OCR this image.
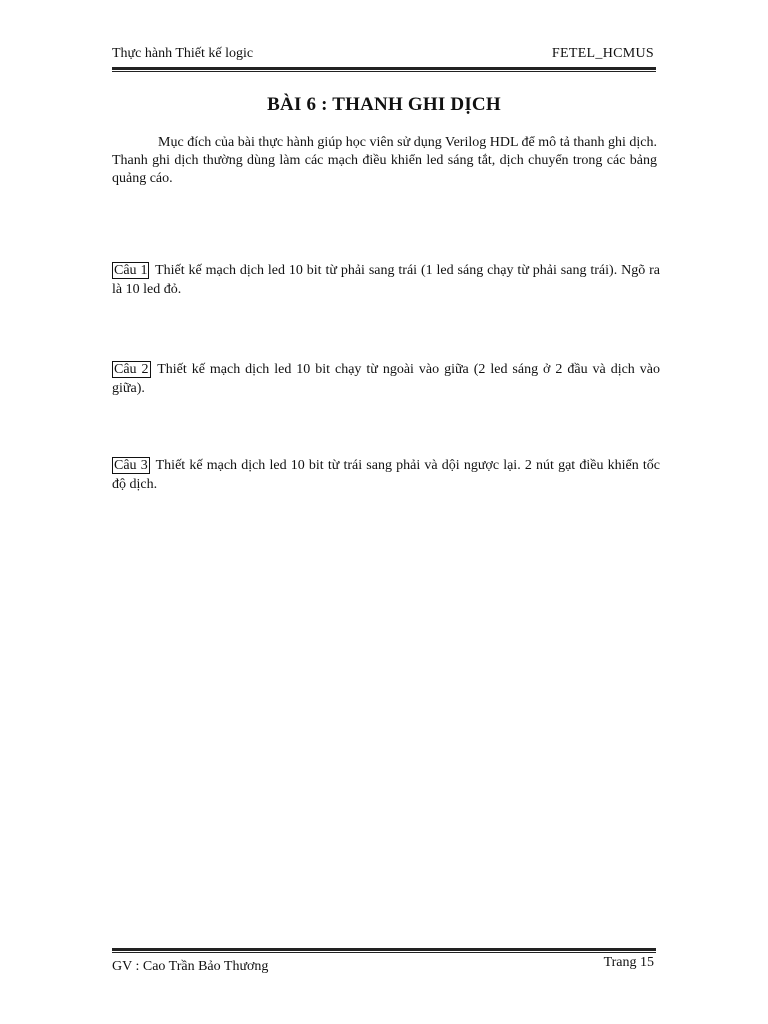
Thực hành Thiết kế logic	FETEL_HCMUS
BÀI 6 : THANH GHI DỊCH

Mục đích của bài thực hành giúp học viên sử dụng Verilog HDL để mô tả thanh ghi dịch. Thanh ghi dịch thường dùng làm các mạch điều khiển led sáng tắt, dịch chuyển trong các bảng quảng cáo.

Câu 1 Thiết kế mạch dịch led 10 bit từ phải sang trái (1 led sáng chạy từ phải sang trái). Ngõ ra là 10 led đỏ.
Câu 2 Thiết kế mạch dịch led 10 bit chạy từ ngoài vào giữa (2 led sáng ở 2 đầu và dịch vào giữa).
Câu 3 Thiết kế mạch dịch led 10 bit từ trái sang phải và dội ngược lại. 2 nút gạt điều khiển tốc độ dịch.
GV : Cao Trần Bảo Thương	Trang 15
